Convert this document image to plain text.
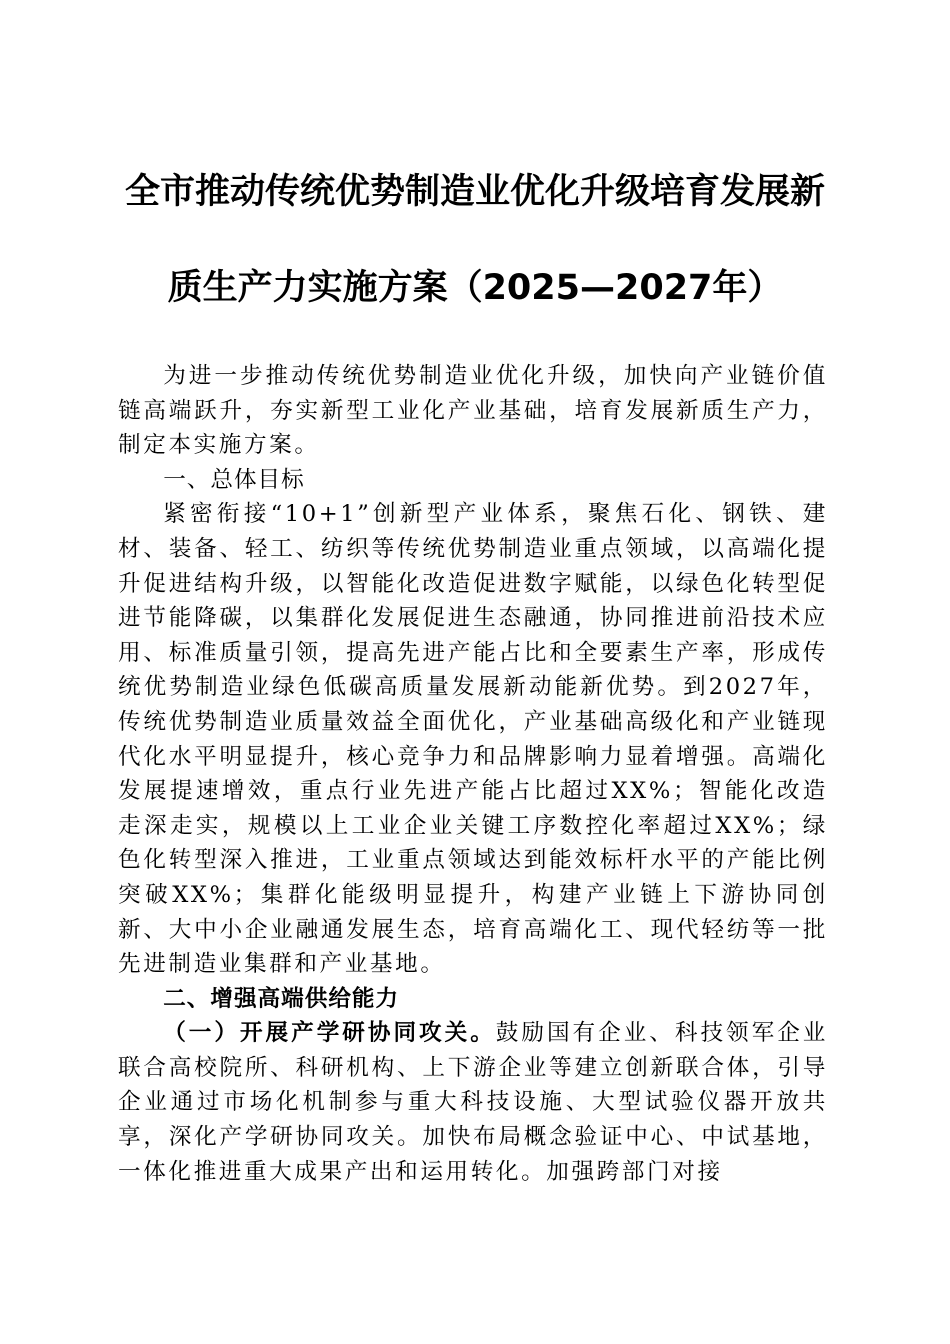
全市推动传统优势制造业优化升级培育发展新
质生产力实施方案（2025—2027年）

为进一步推动传统优势制造业优化升级，加快向产业链价值链高端跃升，夯实新型工业化产业基础，培育发展新质生产力，制定本实施方案。

一、总体目标

紧密衔接“10+1”创新型产业体系，聚焦石化、钢铁、建材、装备、轻工、纺织等传统优势制造业重点领域，以高端化提升促进结构升级，以智能化改造促进数字赋能，以绿色化转型促进节能降碳，以集群化发展促进生态融通，协同推进前沿技术应用、标准质量引领，提高先进产能占比和全要素生产率，形成传统优势制造业绿色低碳高质量发展新动能新优势。到2027年，传统优势制造业质量效益全面优化，产业基础高级化和产业链现代化水平明显提升，核心竞争力和品牌影响力显着增强。高端化发展提速增效，重点行业先进产能占比超过XX%；智能化改造走深走实，规模以上工业企业关键工序数控化率超过XX%；绿色化转型深入推进，工业重点领域达到能效标杆水平的产能比例突破XX%；集群化能级明显提升，构建产业链上下游协同创新、大中小企业融通发展生态，培育高端化工、现代轻纺等一批先进制造业集群和产业基地。

二、增强高端供给能力

（一）开展产学研协同攻关。鼓励国有企业、科技领军企业联合高校院所、科研机构、上下游企业等建立创新联合体，引导企业通过市场化机制参与重大科技设施、大型试验仪器开放共享，深化产学研协同攻关。加快布局概念验证中心、中试基地，一体化推进重大成果产出和运用转化。加强跨部门对接
